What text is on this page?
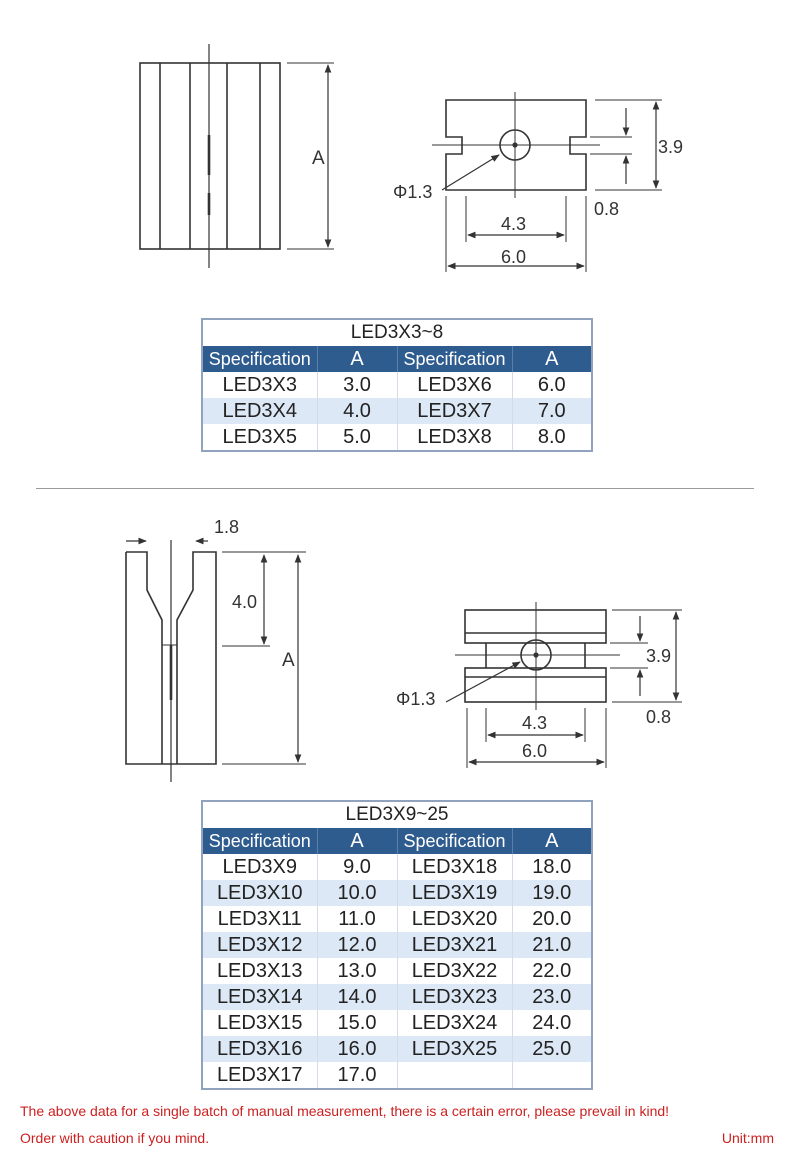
A
3.9
0.8
Φ1.3
4.3
6.0
1.8
4.0
A	3.9
0.8
Φ1.3
4.3
6.0
LED3X3~8			
Specification	A	Specification	A
LED3X3	3.0	LED3X6	6.0
LED3X4	4.0	LED3X7	7.0
LED3X5	5.0	LED3X8	8.0
LED3X9~25			
Specification	A	Specification	A
LED3X9	9.0	LED3X18	18.0
LED3X10	10.0	LED3X19	19.0
LED3X11	11.0	LED3X20	20.0
LED3X12	12.0	LED3X21	21.0
LED3X13	13.0	LED3X22	22.0
LED3X14	14.0	LED3X23	23.0
LED3X15	15.0	LED3X24	24.0
LED3X16	16.0	LED3X25	25.0
LED3X17	17.0		
The above data for a single batch of manual measurement, there is a certain error, please prevail in kind!
Order with caution if you mind.	Unit:mm
